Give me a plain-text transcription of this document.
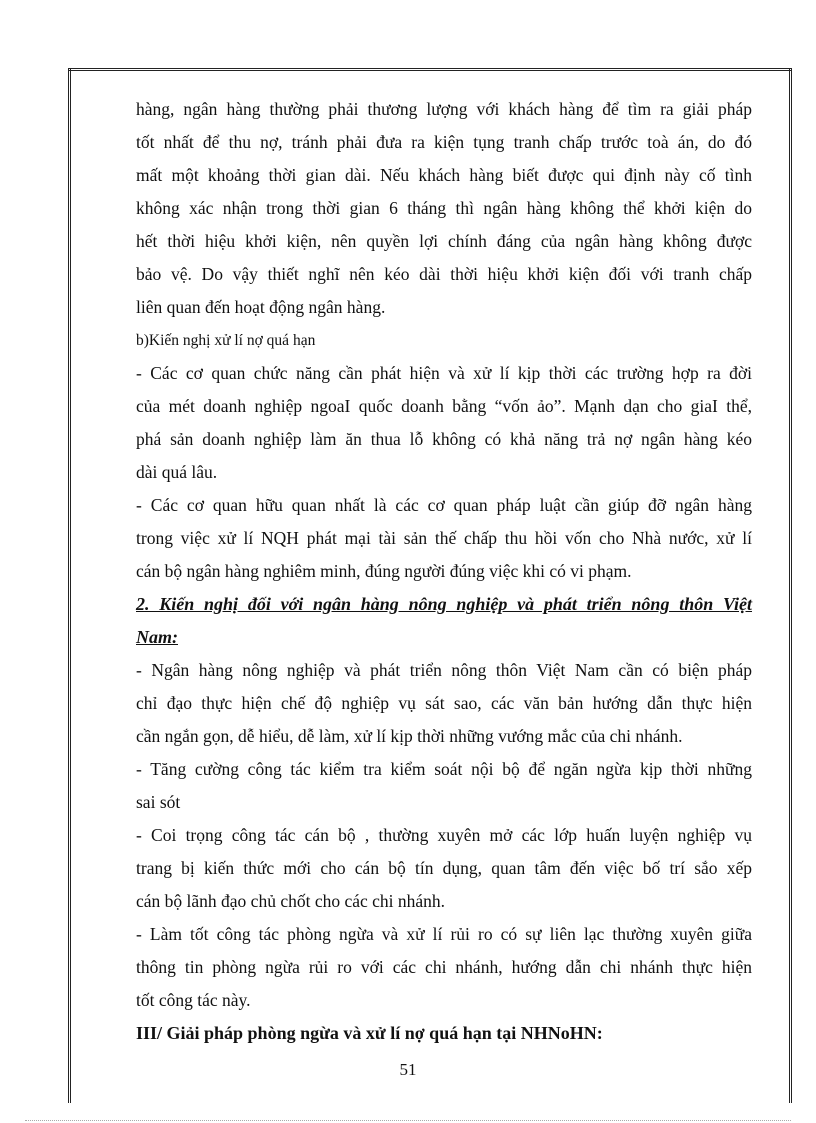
hàng, ngân hàng thường phải thương lượng với khách hàng để tìm ra giải pháp
tốt nhất để thu nợ, tránh phải đưa ra kiện tụng tranh chấp trước toà án, do đó
mất một khoảng thời gian dài. Nếu khách hàng biết được qui định này cố tình
không xác nhận trong thời gian 6 tháng thì ngân hàng không thể khởi kiện do
hết thời hiệu khởi kiện, nên quyền lợi chính đáng của ngân hàng không được
bảo vệ. Do vậy thiết nghĩ nên kéo dài thời hiệu khởi kiện đối với tranh chấp
liên quan đến hoạt động ngân hàng.
b)Kiến nghị xử lí nợ quá hạn
- Các cơ quan chức năng cần phát hiện và xử lí kịp thời các trường hợp ra đời
của mét doanh nghiệp ngoaI quốc doanh bằng “vốn ảo”. Mạnh dạn cho giaI thể,
phá sản doanh nghiệp làm ăn thua lỗ không có khả năng trả nợ ngân hàng kéo
dài quá lâu.
- Các cơ quan hữu quan nhất là các cơ quan pháp luật cần giúp đỡ ngân hàng
trong việc xử lí NQH phát mại tài sản thế chấp thu hồi vốn cho Nhà nước, xử lí
cán bộ ngân hàng nghiêm minh, đúng người đúng việc khi có vi phạm.
2. Kiến nghị đối với ngân hàng nông nghiệp và phát triển nông thôn Việt
Nam:
- Ngân hàng nông nghiệp và phát triển nông thôn Việt Nam cần có biện pháp
chỉ đạo thực hiện chế độ nghiệp vụ sát sao, các văn bản hướng dẫn thực hiện
cần ngắn gọn, dễ hiểu, dễ làm, xử lí kịp thời những vướng mắc của chi nhánh.
- Tăng cường công tác kiểm tra kiểm soát nội bộ để ngăn ngừa kịp thời những
sai sót
- Coi trọng công tác cán bộ , thường xuyên mở các lớp huấn luyện nghiệp vụ
trang bị kiến thức mới cho cán bộ tín dụng, quan tâm đến việc bố trí sắo xếp
cán bộ lãnh đạo chủ chốt cho các chi nhánh.
- Làm tốt công tác phòng ngừa và xử lí rủi ro có sự liên lạc thường xuyên giữa
thông tin phòng ngừa rủi ro với các chi nhánh, hướng dẫn chi nhánh thực hiện
tốt công tác này.
III/ Giải pháp phòng ngừa và xử lí nợ quá hạn tại NHNoHN:
51
